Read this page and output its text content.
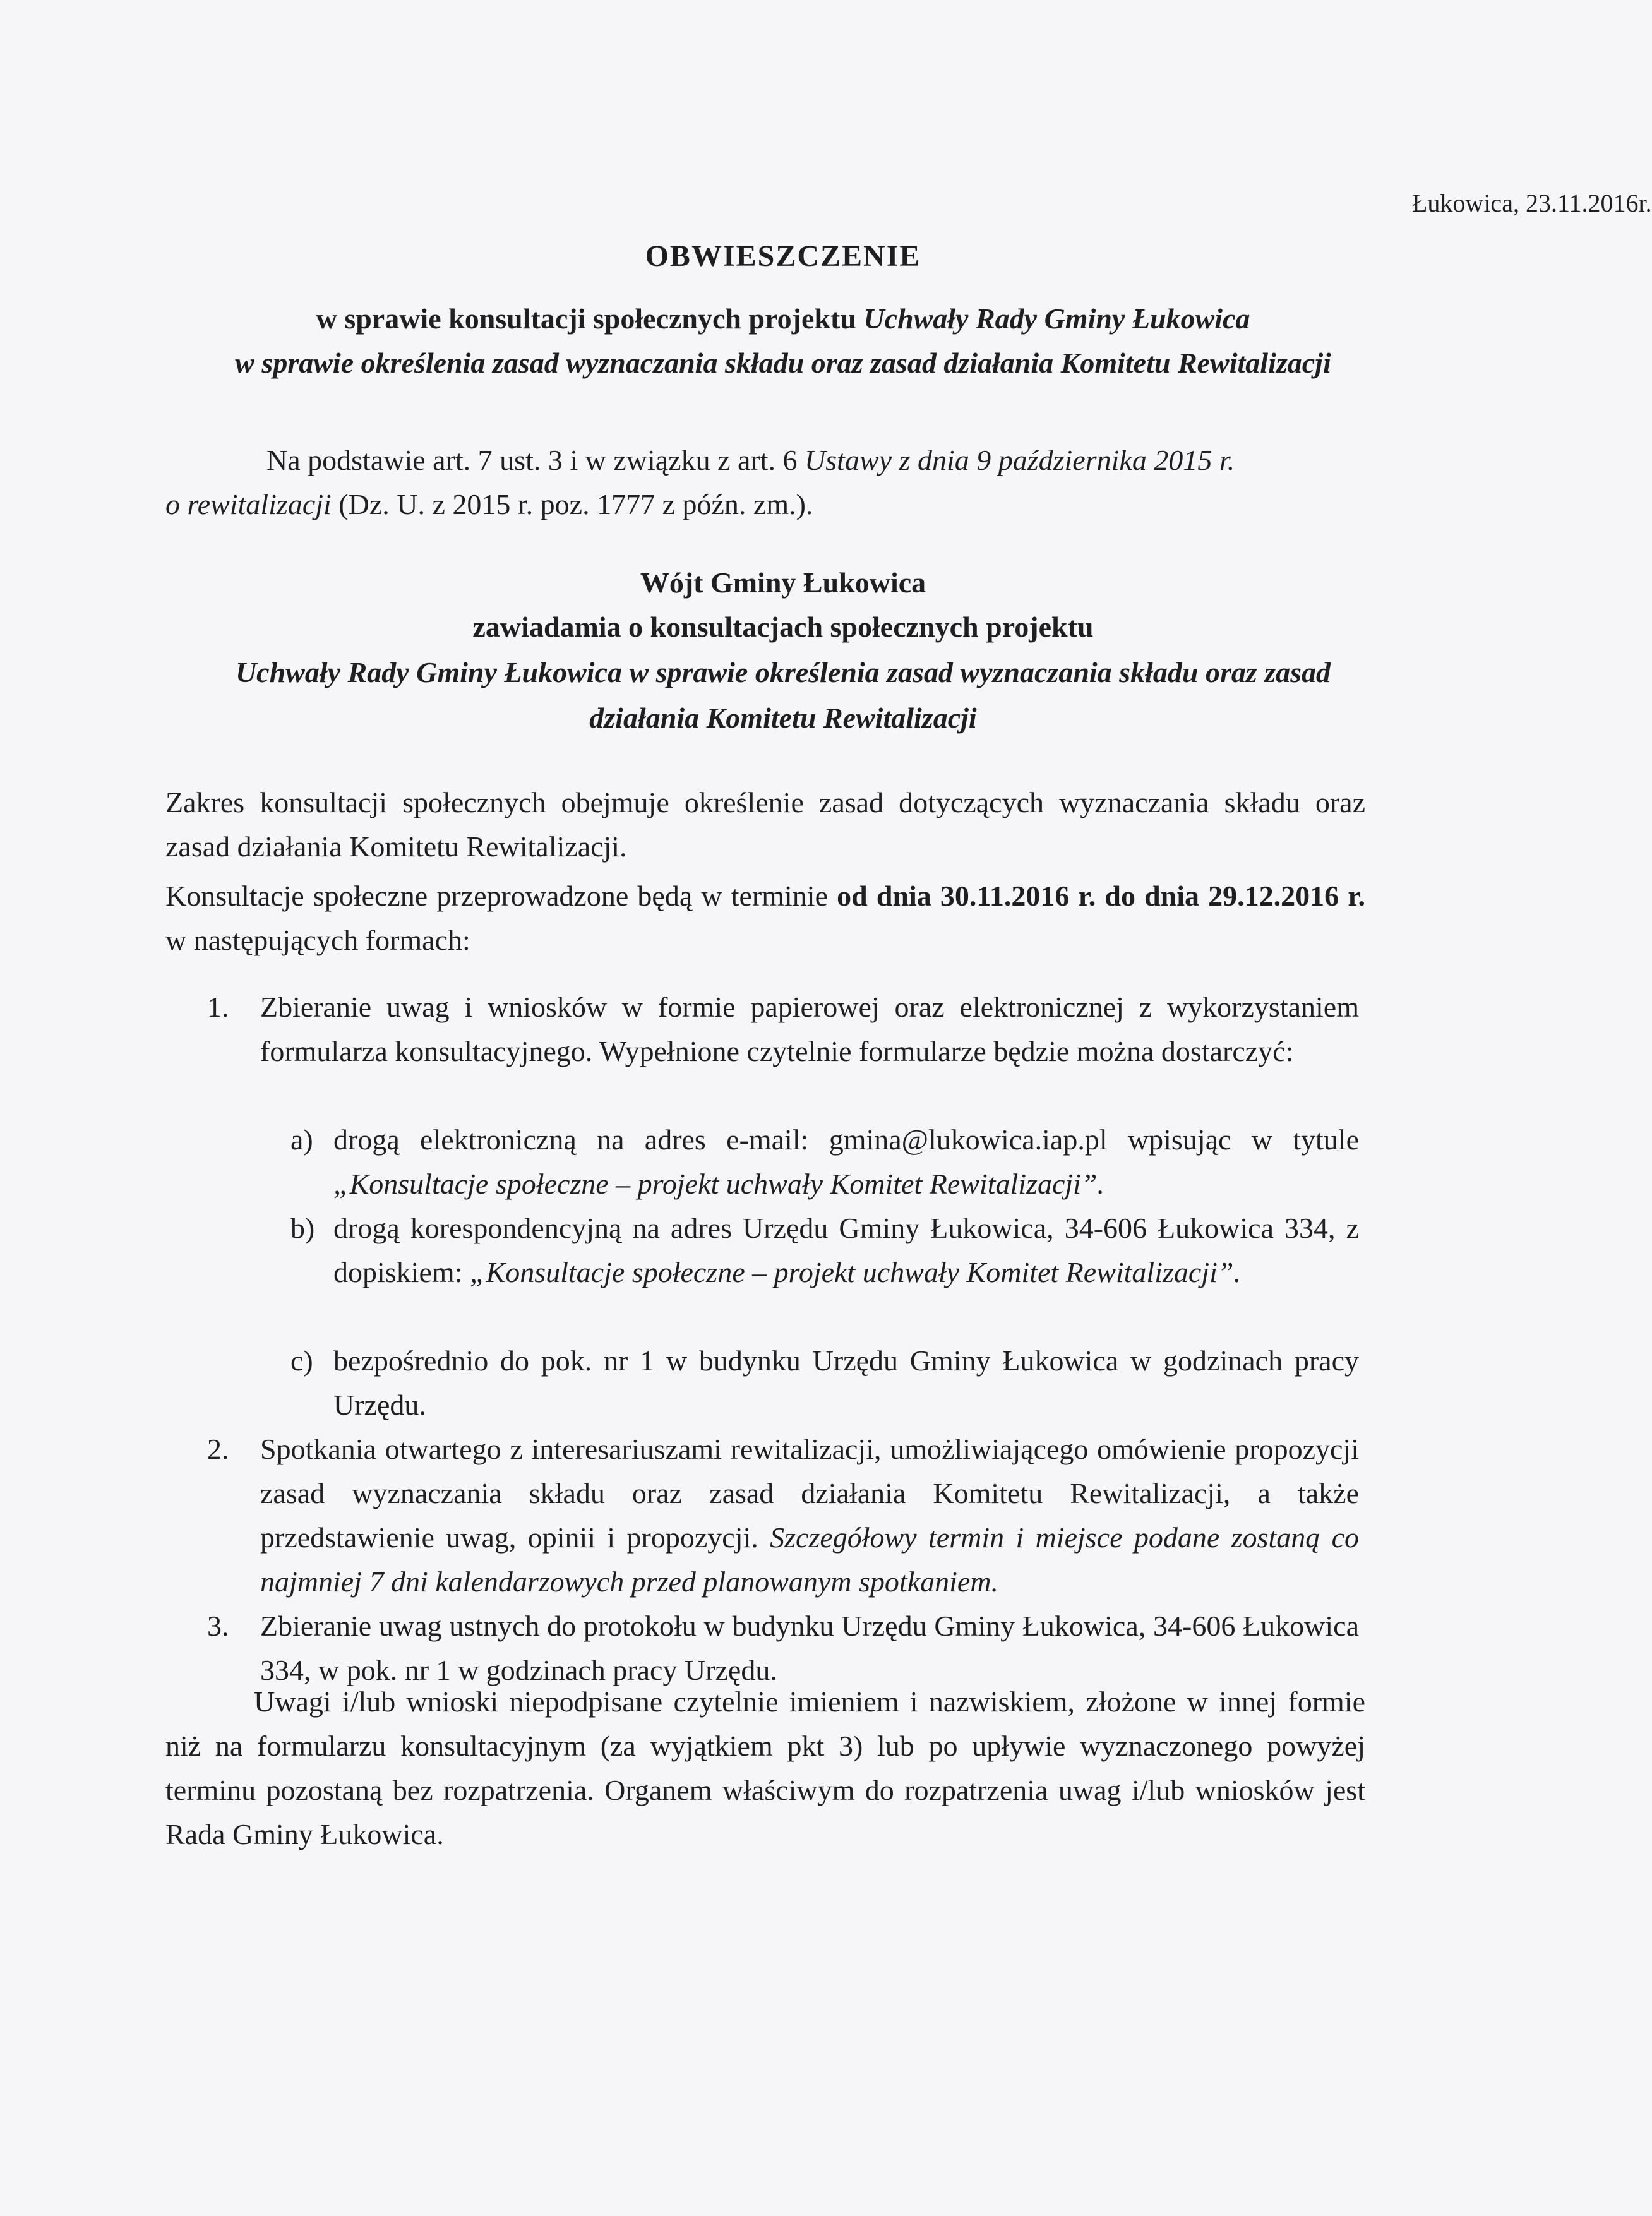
Łukowica, 23.11.2016r.
OBWIESZCZENIE
w sprawie konsultacji społecznych projektu Uchwały Rady Gminy Łukowica
w sprawie określenia zasad wyznaczania składu oraz zasad działania Komitetu Rewitalizacji
Na podstawie art. 7 ust. 3 i w związku z art. 6 Ustawy z dnia 9 października 2015 r.
o rewitalizacji (Dz. U. z 2015 r. poz. 1777 z późn. zm.).
Wójt Gminy Łukowica
zawiadamia o konsultacjach społecznych projektu
Uchwały Rady Gminy Łukowica w sprawie określenia zasad wyznaczania składu oraz zasad
działania Komitetu Rewitalizacji
Zakres konsultacji społecznych obejmuje określenie zasad dotyczących wyznaczania składu oraz zasad działania Komitetu Rewitalizacji.
Konsultacje społeczne przeprowadzone będą w terminie od dnia 30.11.2016 r. do dnia 29.12.2016 r. w następujących formach:
1. Zbieranie uwag i wniosków w formie papierowej oraz elektronicznej z wykorzystaniem formularza konsultacyjnego. Wypełnione czytelnie formularze będzie można dostarczyć:
a) drogą elektroniczną na adres e-mail: gmina@lukowica.iap.pl wpisując w tytule „Konsultacje społeczne – projekt uchwały Komitet Rewitalizacji”.
b) drogą korespondencyjną na adres Urzędu Gminy Łukowica, 34-606 Łukowica 334, z dopiskiem: „Konsultacje społeczne – projekt uchwały Komitet Rewitalizacji”.
c) bezpośrednio do pok. nr 1 w budynku Urzędu Gminy Łukowica w godzinach pracy Urzędu.
2. Spotkania otwartego z interesariuszami rewitalizacji, umożliwiającego omówienie propozycji zasad wyznaczania składu oraz zasad działania Komitetu Rewitalizacji, a także przedstawienie uwag, opinii i propozycji. Szczegółowy termin i miejsce podane zostaną co najmniej 7 dni kalendarzowych przed planowanym spotkaniem.
3. Zbieranie uwag ustnych do protokołu w budynku Urzędu Gminy Łukowica, 34-606 Łukowica 334, w pok. nr 1 w godzinach pracy Urzędu.
Uwagi i/lub wnioski niepodpisane czytelnie imieniem i nazwiskiem, złożone w innej formie niż na formularzu konsultacyjnym (za wyjątkiem pkt 3) lub po upływie wyznaczonego powyżej terminu pozostaną bez rozpatrzenia. Organem właściwym do rozpatrzenia uwag i/lub wniosków jest Rada Gminy Łukowica.
